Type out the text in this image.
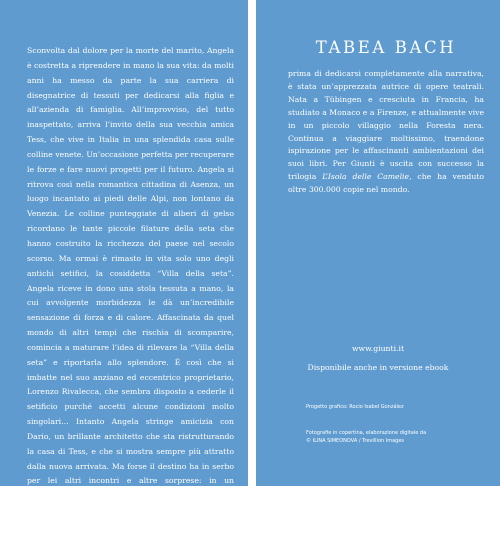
Sconvolta dal dolore per la morte del marito, Angela è costretta a riprendere in mano la sua vita: da molti anni ha messo da parte la sua carriera di disegnatrice di tessuti per dedicarsi alla figlia e all’azienda di famiglia. All’improvviso, del tutto inaspettato, arriva l’invito della sua vecchia amica Tess, che vive in Italia in una splendida casa sulle colline venete. Un’occasione perfetta per recuperare le forze e fare nuovi progetti per il futuro. Angela si ritrova così nella romantica cittadina di Asenza, un luogo incantato ai piedi delle Alpi, non lontano da Venezia. Le colline punteggiate di alberi di gelso ricordano le tante piccole filature della seta che hanno costruito la ricchezza del paese nel secolo scorso. Ma ormai è rimasto in vita solo uno degli antichi setifici, la cosiddetta “Villa della seta”. Angela riceve in dono una stola tessuta a mano, la cui avvolgente morbidezza le dà un’incredibile sensazione di forza e di calore. Affascinata da quel mondo di altri tempi che rischia di scomparire, comincia a maturare l’idea di rilevare la “Villa della seta” e riportarla allo splendore. È così che si imbatte nel suo anziano ed eccentrico proprietario, Lorenzo Rivalecca, che sembra disposto a cederle il setificio purché accetti alcune condizioni molto singolari… Intanto Angela stringe amicizia con Dario, un brillante architetto che sta ristrutturando la casa di Tess, e che si mostra sempre più attratto dalla nuova arrivata. Ma forse il destino ha in serbo per lei altri incontri e altre sorprese: in un crescendo di colpi di scena, Angela dovrà trovare il coraggio di scegliere la sua strada.

Una grande storia d’amore, rinascita e segreti.

TABEA BACH

prima di dedicarsi completamente alla narrativa, è stata un’apprezzata autrice di opere teatrali. Nata a Tübingen e cresciuta in Francia, ha studiato a Monaco e a Firenze, e attualmente vive in un piccolo villaggio nella Foresta nera. Continua a viaggiare moltissimo, traendone ispirazione per le affascinanti ambientazioni dei suoi libri. Per Giunti è uscita con successo la trilogia L’Isola delle Camelie, che ha venduto oltre 300.000 copie nel mondo.

www.giunti.it
Disponibile anche in versione ebook
Progetto grafico: Rocio Isabel González
Fotografie in copertina, elaborazione digitale da
© ILINA SIMEONOVA / Trevillion Images
